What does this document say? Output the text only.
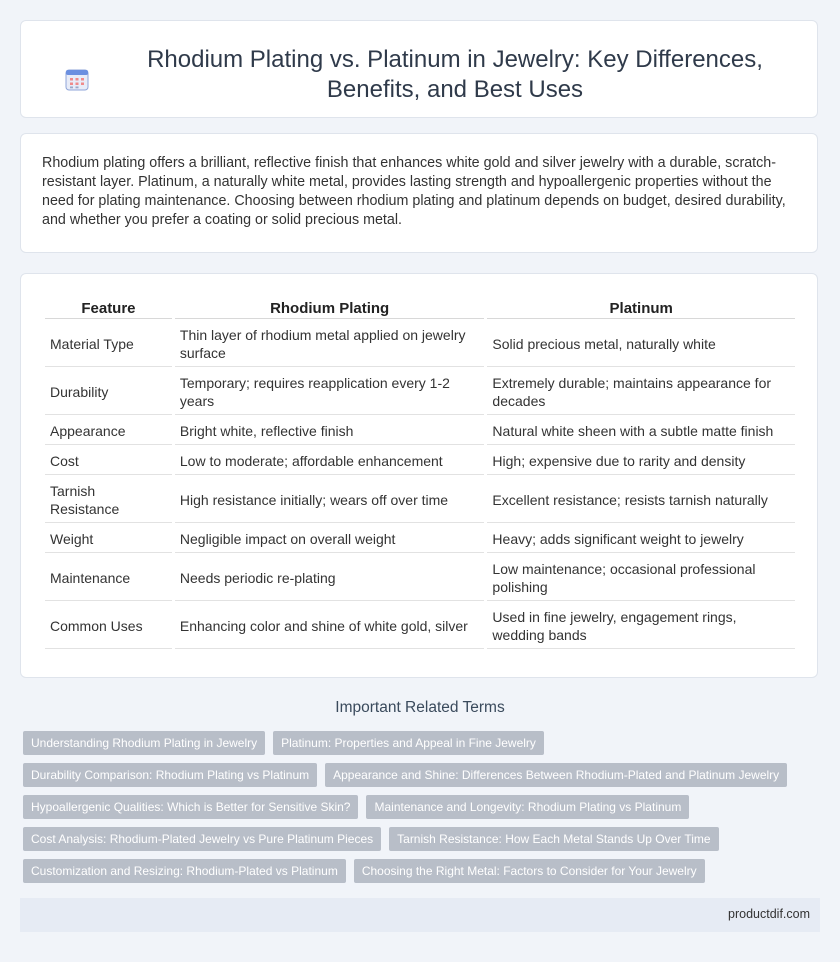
Rhodium Plating vs. Platinum in Jewelry: Key Differences, Benefits, and Best Uses

Rhodium plating offers a brilliant, reflective finish that enhances white gold and silver jewelry with a durable, scratch-resistant layer. Platinum, a naturally white metal, provides lasting strength and hypoallergenic properties without the need for plating maintenance. Choosing between rhodium plating and platinum depends on budget, desired durability, and whether you prefer a coating or solid precious metal.

Feature	Rhodium Plating	Platinum
Material Type	Thin layer of rhodium metal applied on jewelry surface	Solid precious metal, naturally white
Durability	Temporary; requires reapplication every 1-2 years	Extremely durable; maintains appearance for decades
Appearance	Bright white, reflective finish	Natural white sheen with a subtle matte finish
Cost	Low to moderate; affordable enhancement	High; expensive due to rarity and density
Tarnish Resistance	High resistance initially; wears off over time	Excellent resistance; resists tarnish naturally
Weight	Negligible impact on overall weight	Heavy; adds significant weight to jewelry
Maintenance	Needs periodic re-plating	Low maintenance; occasional professional polishing
Common Uses	Enhancing color and shine of white gold, silver	Used in fine jewelry, engagement rings, wedding bands
Important Related Terms
Understanding Rhodium Plating in Jewelry	Platinum: Properties and Appeal in Fine Jewelry
Durability Comparison: Rhodium Plating vs Platinum	Appearance and Shine: Differences Between Rhodium-Plated and Platinum Jewelry
Hypoallergenic Qualities: Which is Better for Sensitive Skin?	Maintenance and Longevity: Rhodium Plating vs Platinum
Cost Analysis: Rhodium-Plated Jewelry vs Pure Platinum Pieces	Tarnish Resistance: How Each Metal Stands Up Over Time
Customization and Resizing: Rhodium-Plated vs Platinum	Choosing the Right Metal: Factors to Consider for Your Jewelry
productdif.com
